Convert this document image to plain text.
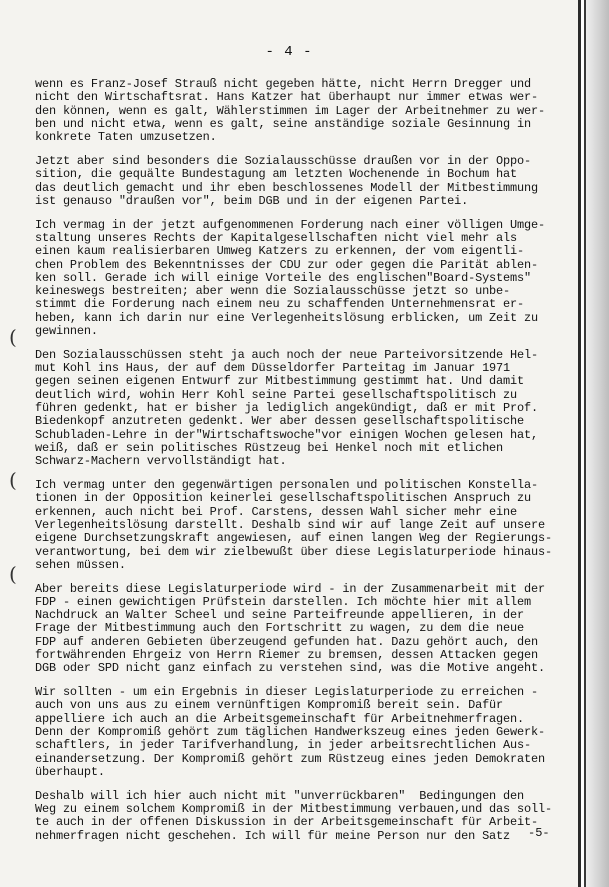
- 4 -
(
(
(
wenn es Franz-Josef Strauß nicht gegeben hätte, nicht Herrn Dregger und
nicht den Wirtschaftsrat. Hans Katzer hat überhaupt nur immer etwas wer-
den können, wenn es galt, Wählerstimmen im Lager der Arbeitnehmer zu wer-
ben und nicht etwa, wenn es galt, seine anständige soziale Gesinnung in
konkrete Taten umzusetzen.
Jetzt aber sind besonders die Sozialausschüsse draußen vor in der Oppo-
sition, die gequälte Bundestagung am letzten Wochenende in Bochum hat
das deutlich gemacht und ihr eben beschlossenes Modell der Mitbestimmung
ist genauso "draußen vor", beim DGB und in der eigenen Partei.
Ich vermag in der jetzt aufgenommenen Forderung nach einer völligen Umge-
staltung unseres Rechts der Kapitalgesellschaften nicht viel mehr als
einen kaum realisierbaren Umweg Katzers zu erkennen, der vom eigentli-
chen Problem des Bekenntnisses der CDU zur oder gegen die Parität ablen-
ken soll. Gerade ich will einige Vorteile des englischen"Board-Systems"
keineswegs bestreiten; aber wenn die Sozialausschüsse jetzt so unbe-
stimmt die Forderung nach einem neu zu schaffenden Unternehmensrat er-
heben, kann ich darin nur eine Verlegenheitslösung erblicken, um Zeit zu
gewinnen.
Den Sozialausschüssen steht ja auch noch der neue Parteivorsitzende Hel-
mut Kohl ins Haus, der auf dem Düsseldorfer Parteitag im Januar 1971
gegen seinen eigenen Entwurf zur Mitbestimmung gestimmt hat. Und damit
deutlich wird, wohin Herr Kohl seine Partei gesellschaftspolitisch zu
führen gedenkt, hat er bisher ja lediglich angekündigt, daß er mit Prof.
Biedenkopf anzutreten gedenkt. Wer aber dessen gesellschaftspolitische
Schubladen-Lehre in der"Wirtschaftswoche"vor einigen Wochen gelesen hat,
weiß, daß er sein politisches Rüstzeug bei Henkel noch mit etlichen
Schwarz-Machern vervollständigt hat.
Ich vermag unter den gegenwärtigen personalen und politischen Konstella-
tionen in der Opposition keinerlei gesellschaftspolitischen Anspruch zu
erkennen, auch nicht bei Prof. Carstens, dessen Wahl sicher mehr eine
Verlegenheitslösung darstellt. Deshalb sind wir auf lange Zeit auf unsere
eigene Durchsetzungskraft angewiesen, auf einen langen Weg der Regierungs-
verantwortung, bei dem wir zielbewußt über diese Legislaturperiode hinaus-
sehen müssen.
Aber bereits diese Legislaturperiode wird - in der Zusammenarbeit mit der
FDP - einen gewichtigen Prüfstein darstellen. Ich möchte hier mit allem
Nachdruck an Walter Scheel und seine Parteifreunde appellieren, in der
Frage der Mitbestimmung auch den Fortschritt zu wagen, zu dem die neue
FDP auf anderen Gebieten überzeugend gefunden hat. Dazu gehört auch, den
fortwährenden Ehrgeiz von Herrn Riemer zu bremsen, dessen Attacken gegen
DGB oder SPD nicht ganz einfach zu verstehen sind, was die Motive angeht.
Wir sollten - um ein Ergebnis in dieser Legislaturperiode zu erreichen -
auch von uns aus zu einem vernünftigen Kompromiß bereit sein. Dafür
appelliere ich auch an die Arbeitsgemeinschaft für Arbeitnehmerfragen.
Denn der Kompromiß gehört zum täglichen Handwerkszeug eines jeden Gewerk-
schaftlers, in jeder Tarifverhandlung, in jeder arbeitsrechtlichen Aus-
einandersetzung. Der Kompromiß gehört zum Rüstzeug eines jeden Demokraten
überhaupt.
Deshalb will ich hier auch nicht mit "unverrückbaren"  Bedingungen den
Weg zu einem solchem Kompromiß in der Mitbestimmung verbauen,und das soll-
te auch in der offenen Diskussion in der Arbeitsgemeinschaft für Arbeit-
nehmerfragen nicht geschehen. Ich will für meine Person nur den Satz	-5-
